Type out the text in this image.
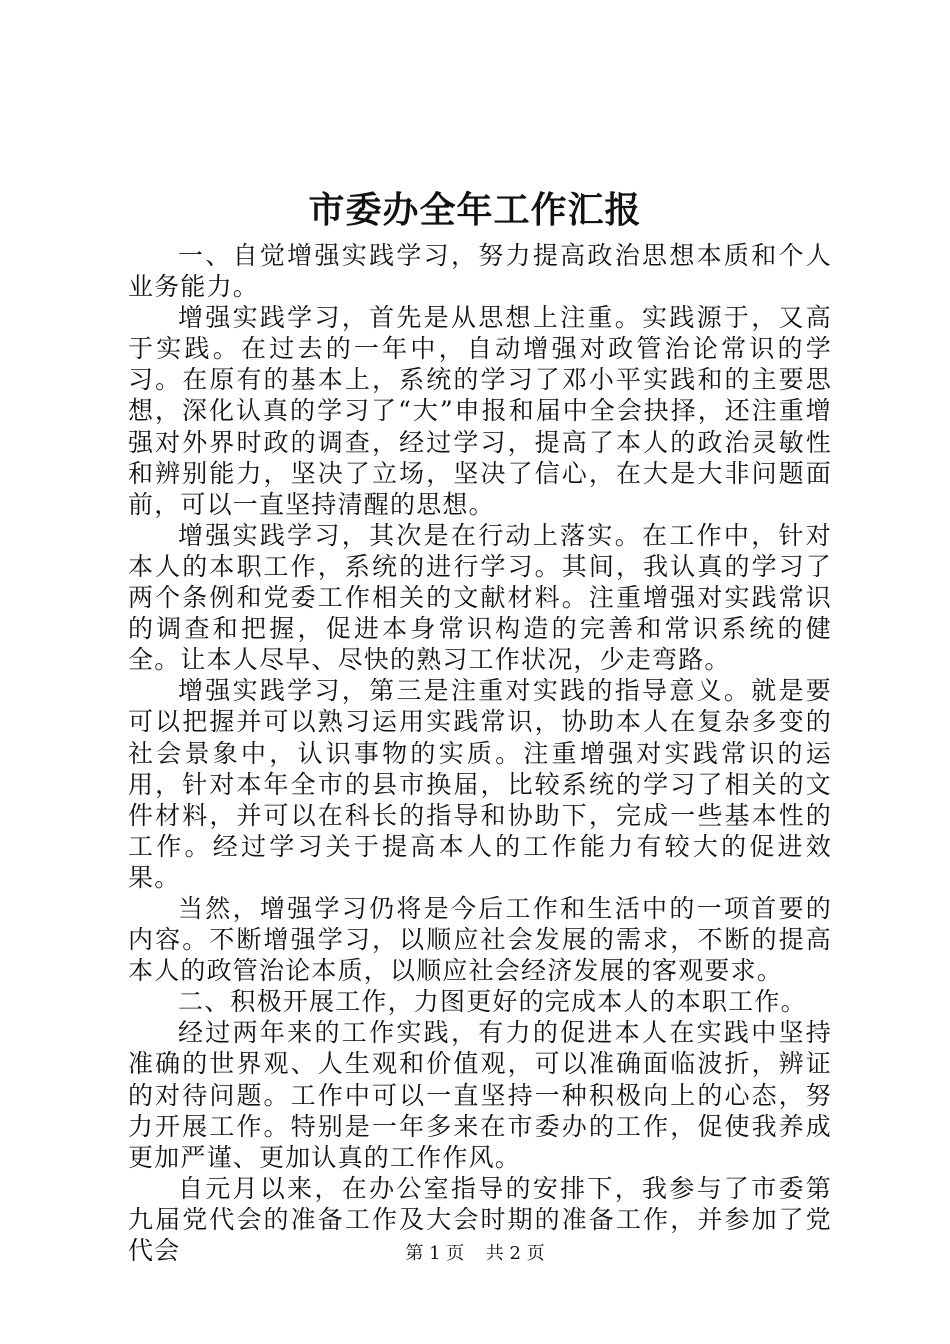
市委办全年工作汇报

一、自觉增强实践学习，努力提高政治思想本质和个人业务能力。

增强实践学习，首先是从思想上注重。实践源于，又高于实践。在过去的一年中，自动增强对政管治论常识的学习。在原有的基本上，系统的学习了邓小平实践和的主要思想，深化认真的学习了“大”申报和届中全会抉择，还注重增强对外界时政的调查，经过学习，提高了本人的政治灵敏性和辨别能力，坚决了立场，坚决了信心，在大是大非问题面前，可以一直坚持清醒的思想。

增强实践学习，其次是在行动上落实。在工作中，针对本人的本职工作，系统的进行学习。其间，我认真的学习了两个条例和党委工作相关的文献材料。注重增强对实践常识的调查和把握，促进本身常识构造的完善和常识系统的健全。让本人尽早、尽快的熟习工作状况，少走弯路。

增强实践学习，第三是注重对实践的指导意义。就是要可以把握并可以熟习运用实践常识，协助本人在复杂多变的社会景象中，认识事物的实质。注重增强对实践常识的运用，针对本年全市的县市换届，比较系统的学习了相关的文件材料，并可以在科长的指导和协助下，完成一些基本性的工作。经过学习关于提高本人的工作能力有较大的促进效果。

当然，增强学习仍将是今后工作和生活中的一项首要的内容。不断增强学习，以顺应社会发展的需求，不断的提高本人的政管治论本质，以顺应社会经济发展的客观要求。

二、积极开展工作，力图更好的完成本人的本职工作。

经过两年来的工作实践，有力的促进本人在实践中坚持准确的世界观、人生观和价值观，可以准确面临波折，辨证的对待问题。工作中可以一直坚持一种积极向上的心态，努力开展工作。特别是一年多来在市委办的工作，促使我养成更加严谨、更加认真的工作作风。

自元月以来，在办公室指导的安排下，我参与了市委第九届党代会的准备工作及大会时期的准备工作，并参加了党代会	第 1 页 共 2 页
